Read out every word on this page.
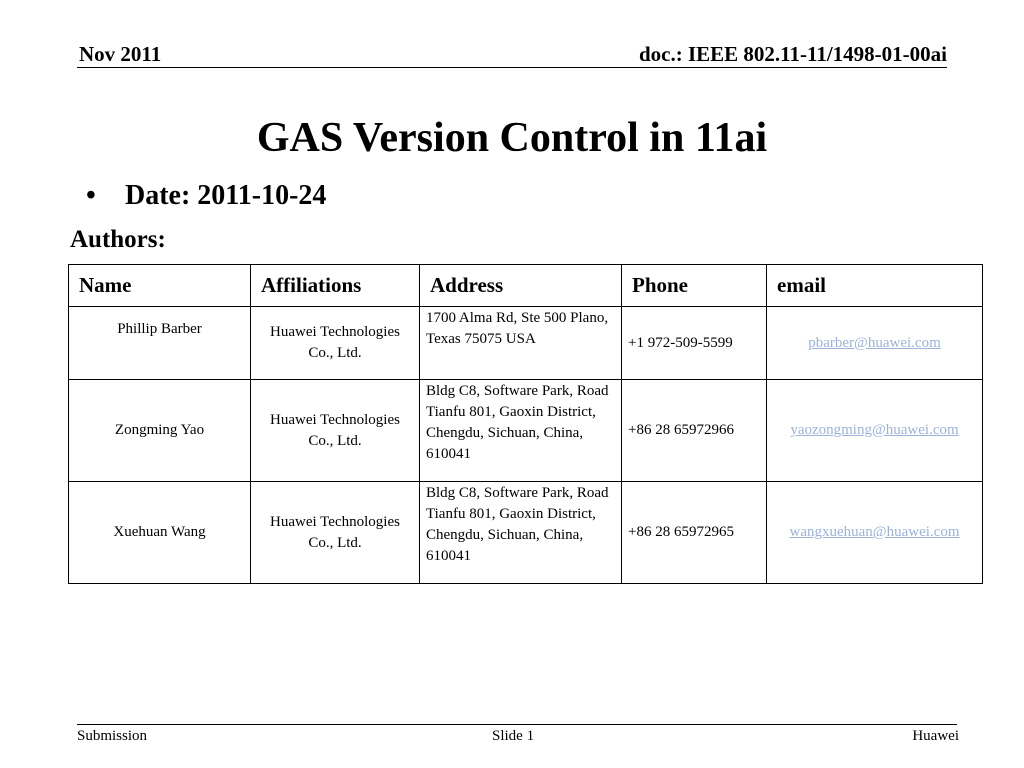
Nov 2011	doc.: IEEE 802.11-11/1498-01-00ai
GAS Version Control in 11ai
• Date: 2011-10-24
Authors:
Name	Affiliations	Address	Phone	email
Phillip Barber	Huawei Technologies Co., Ltd.	1700 Alma Rd, Ste 500 Plano, Texas 75075 USA	+1 972-509-5599	pbarber@huawei.com
Zongming Yao	Huawei Technologies Co., Ltd.	Bldg C8, Software Park, Road Tianfu 801, Gaoxin District, Chengdu, Sichuan, China, 610041	+86 28 65972966	yaozongming@huawei.com
Xuehuan Wang	Huawei Technologies Co., Ltd.	Bldg C8, Software Park, Road Tianfu 801, Gaoxin District, Chengdu, Sichuan, China, 610041	+86 28 65972965	wangxuehuan@huawei.com
Submission	Slide 1	Huawei
